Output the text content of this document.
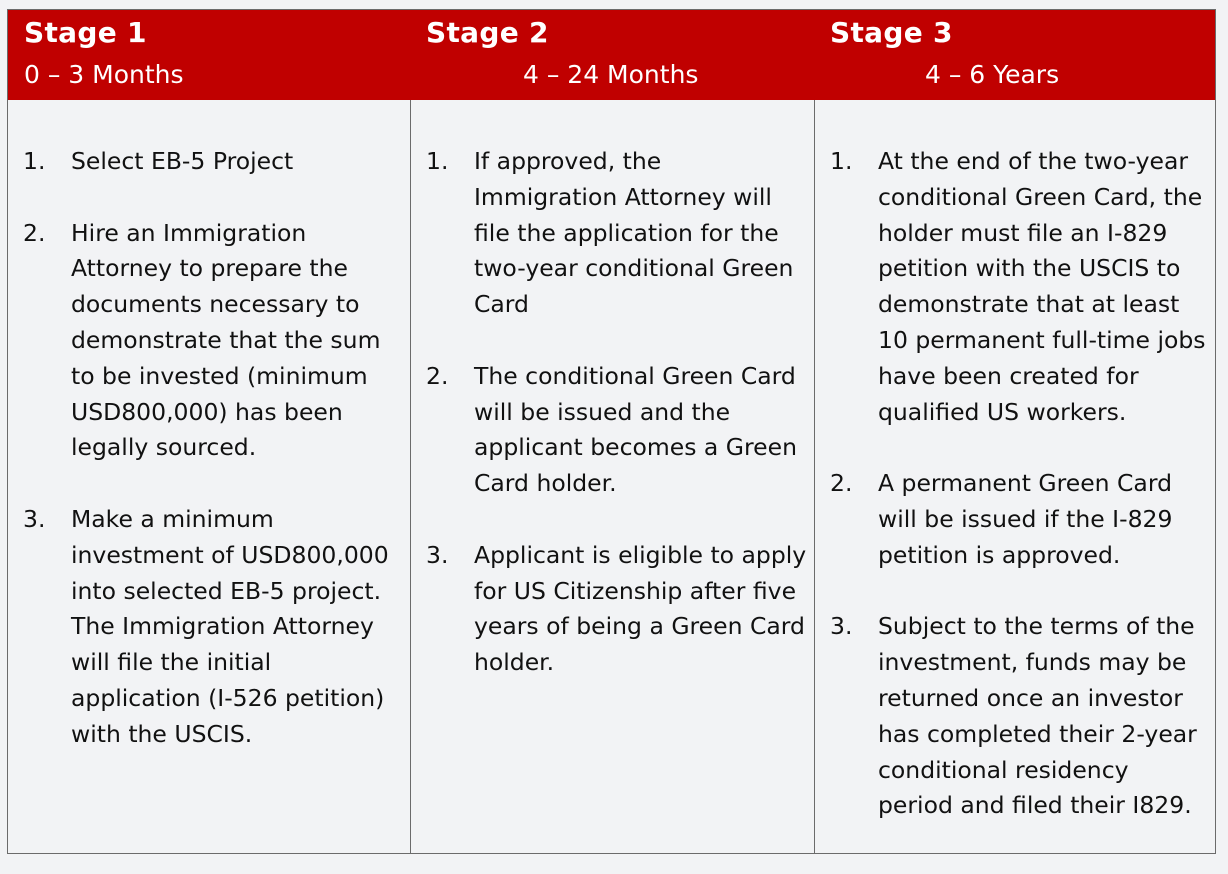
Stage 1
0 – 3 Months
Stage 2
4 – 24 Months
Stage 3
4 – 6 Years
1. Select EB-5 Project
2. Hire an Immigration Attorney to prepare the documents necessary to demonstrate that the sum to be invested (minimum USD800,000) has been legally sourced.
3. Make a minimum investment of USD800,000 into selected EB-5 project. The Immigration Attorney will file the initial application (I-526 petition) with the USCIS.
1. If approved, the Immigration Attorney will file the application for the two-year conditional Green Card
2. The conditional Green Card will be issued and the applicant becomes a Green Card holder.
3. Applicant is eligible to apply for US Citizenship after five years of being a Green Card holder.
1. At the end of the two-year conditional Green Card, the holder must file an I-829 petition with the USCIS to demonstrate that at least 10 permanent full-time jobs have been created for qualified US workers.
2. A permanent Green Card will be issued if the I-829 petition is approved.
3. Subject to the terms of the investment, funds may be returned once an investor has completed their 2-year conditional residency period and filed their I829.
